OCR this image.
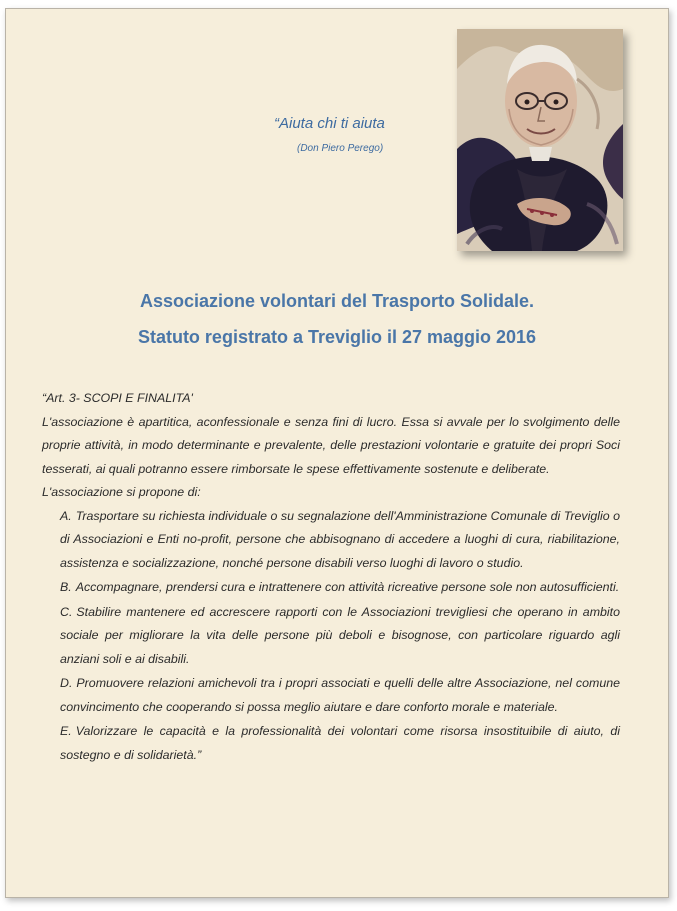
“Aiuta chi ti aiuta
(Don Piero Perego)
Associazione volontari del Trasporto Solidale.
Statuto registrato a Treviglio il 27 maggio 2016

“Art. 3- SCOPI E FINALITA'

L'associazione è apartitica, aconfessionale e senza fini di lucro. Essa si avvale per lo svolgimento delle proprie attività, in modo determinante e prevalente, delle prestazioni volontarie e gratuite dei propri Soci tesserati, ai quali potranno essere rimborsate le spese effettivamente sostenute e deliberate.

L'associazione si propone di:

A. Trasportare su richiesta individuale o su segnalazione dell'Amministrazione Comunale di Treviglio o di Associazioni e Enti no-profit, persone che abbisognano di accedere a luoghi di cura, riabilitazione, assistenza e socializzazione, nonché persone disabili verso luoghi di lavoro o studio.
B. Accompagnare, prendersi cura e intrattenere con attività ricreative persone sole non autosufficienti.
C. Stabilire mantenere ed accrescere rapporti con le Associazioni trevigliesi che operano in ambito sociale per migliorare la vita delle persone più deboli e bisognose, con particolare riguardo agli anziani soli e ai disabili.
D. Promuovere relazioni amichevoli tra i propri associati e quelli delle altre Associazione, nel comune convincimento che cooperando si possa meglio aiutare e dare conforto morale e materiale.
E. Valorizzare le capacità e la professionalità dei volontari come risorsa insostituibile di aiuto, di sostegno e di solidarietà.”
